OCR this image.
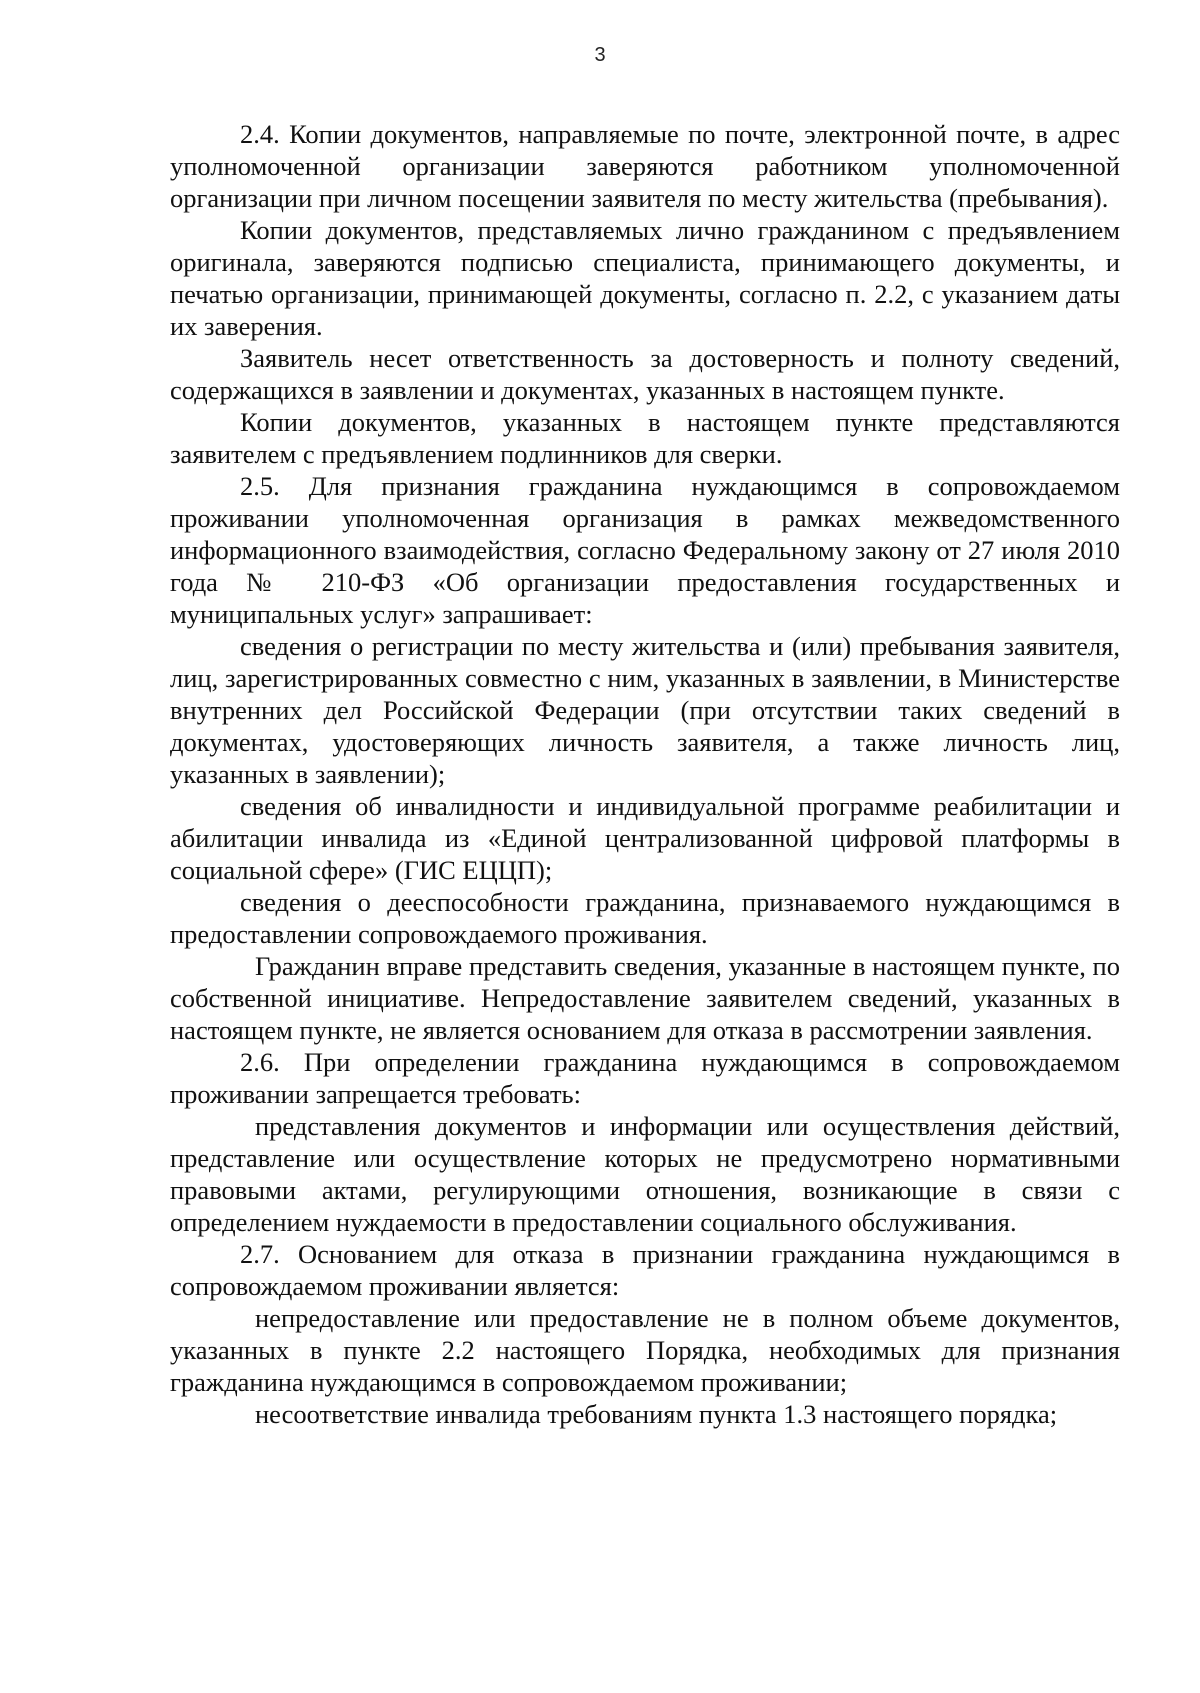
3

2.4. Копии документов, направляемые по почте, электронной почте, в адрес уполномоченной организации заверяются работником уполномоченной организации при личном посещении заявителя по месту жительства (пребывания).

Копии документов, представляемых лично гражданином с предъявлением оригинала, заверяются подписью специалиста, принимающего документы, и печатью организации, принимающей документы, согласно п. 2.2, с указанием даты их заверения.

Заявитель несет ответственность за достоверность и полноту сведений, содержащихся в заявлении и документах, указанных в настоящем пункте.

Копии документов, указанных в настоящем пункте представляются заявителем с предъявлением подлинников для сверки.

2.5. Для признания гражданина нуждающимся в сопровождаемом проживании уполномоченная организация в рамках межведомственного информационного взаимодействия, согласно Федеральному закону от 27 июля 2010 года № 210-ФЗ «Об организации предоставления государственных и муниципальных услуг» запрашивает:

сведения о регистрации по месту жительства и (или) пребывания заявителя, лиц, зарегистрированных совместно с ним, указанных в заявлении, в Министерстве внутренних дел Российской Федерации (при отсутствии таких сведений в документах, удостоверяющих личность заявителя, а также личность лиц, указанных в заявлении);

сведения об инвалидности и индивидуальной программе реабилитации и абилитации инвалида из «Единой централизованной цифровой платформы в социальной сфере» (ГИС ЕЦЦП);

сведения о дееспособности гражданина, признаваемого нуждающимся в предоставлении сопровождаемого проживания.

Гражданин вправе представить сведения, указанные в настоящем пункте, по собственной инициативе. Непредоставление заявителем сведений, указанных в настоящем пункте, не является основанием для отказа в рассмотрении заявления.

2.6. При определении гражданина нуждающимся в сопровождаемом проживании запрещается требовать:

представления документов и информации или осуществления действий, представление или осуществление которых не предусмотрено нормативными правовыми актами, регулирующими отношения, возникающие в связи с определением нуждаемости в предоставлении социального обслуживания.

2.7. Основанием для отказа в признании гражданина нуждающимся в сопровождаемом проживании является:

непредоставление или предоставление не в полном объеме документов, указанных в пункте 2.2 настоящего Порядка, необходимых для признания гражданина нуждающимся в сопровождаемом проживании;

несоответствие инвалида требованиям пункта 1.3 настоящего порядка;
